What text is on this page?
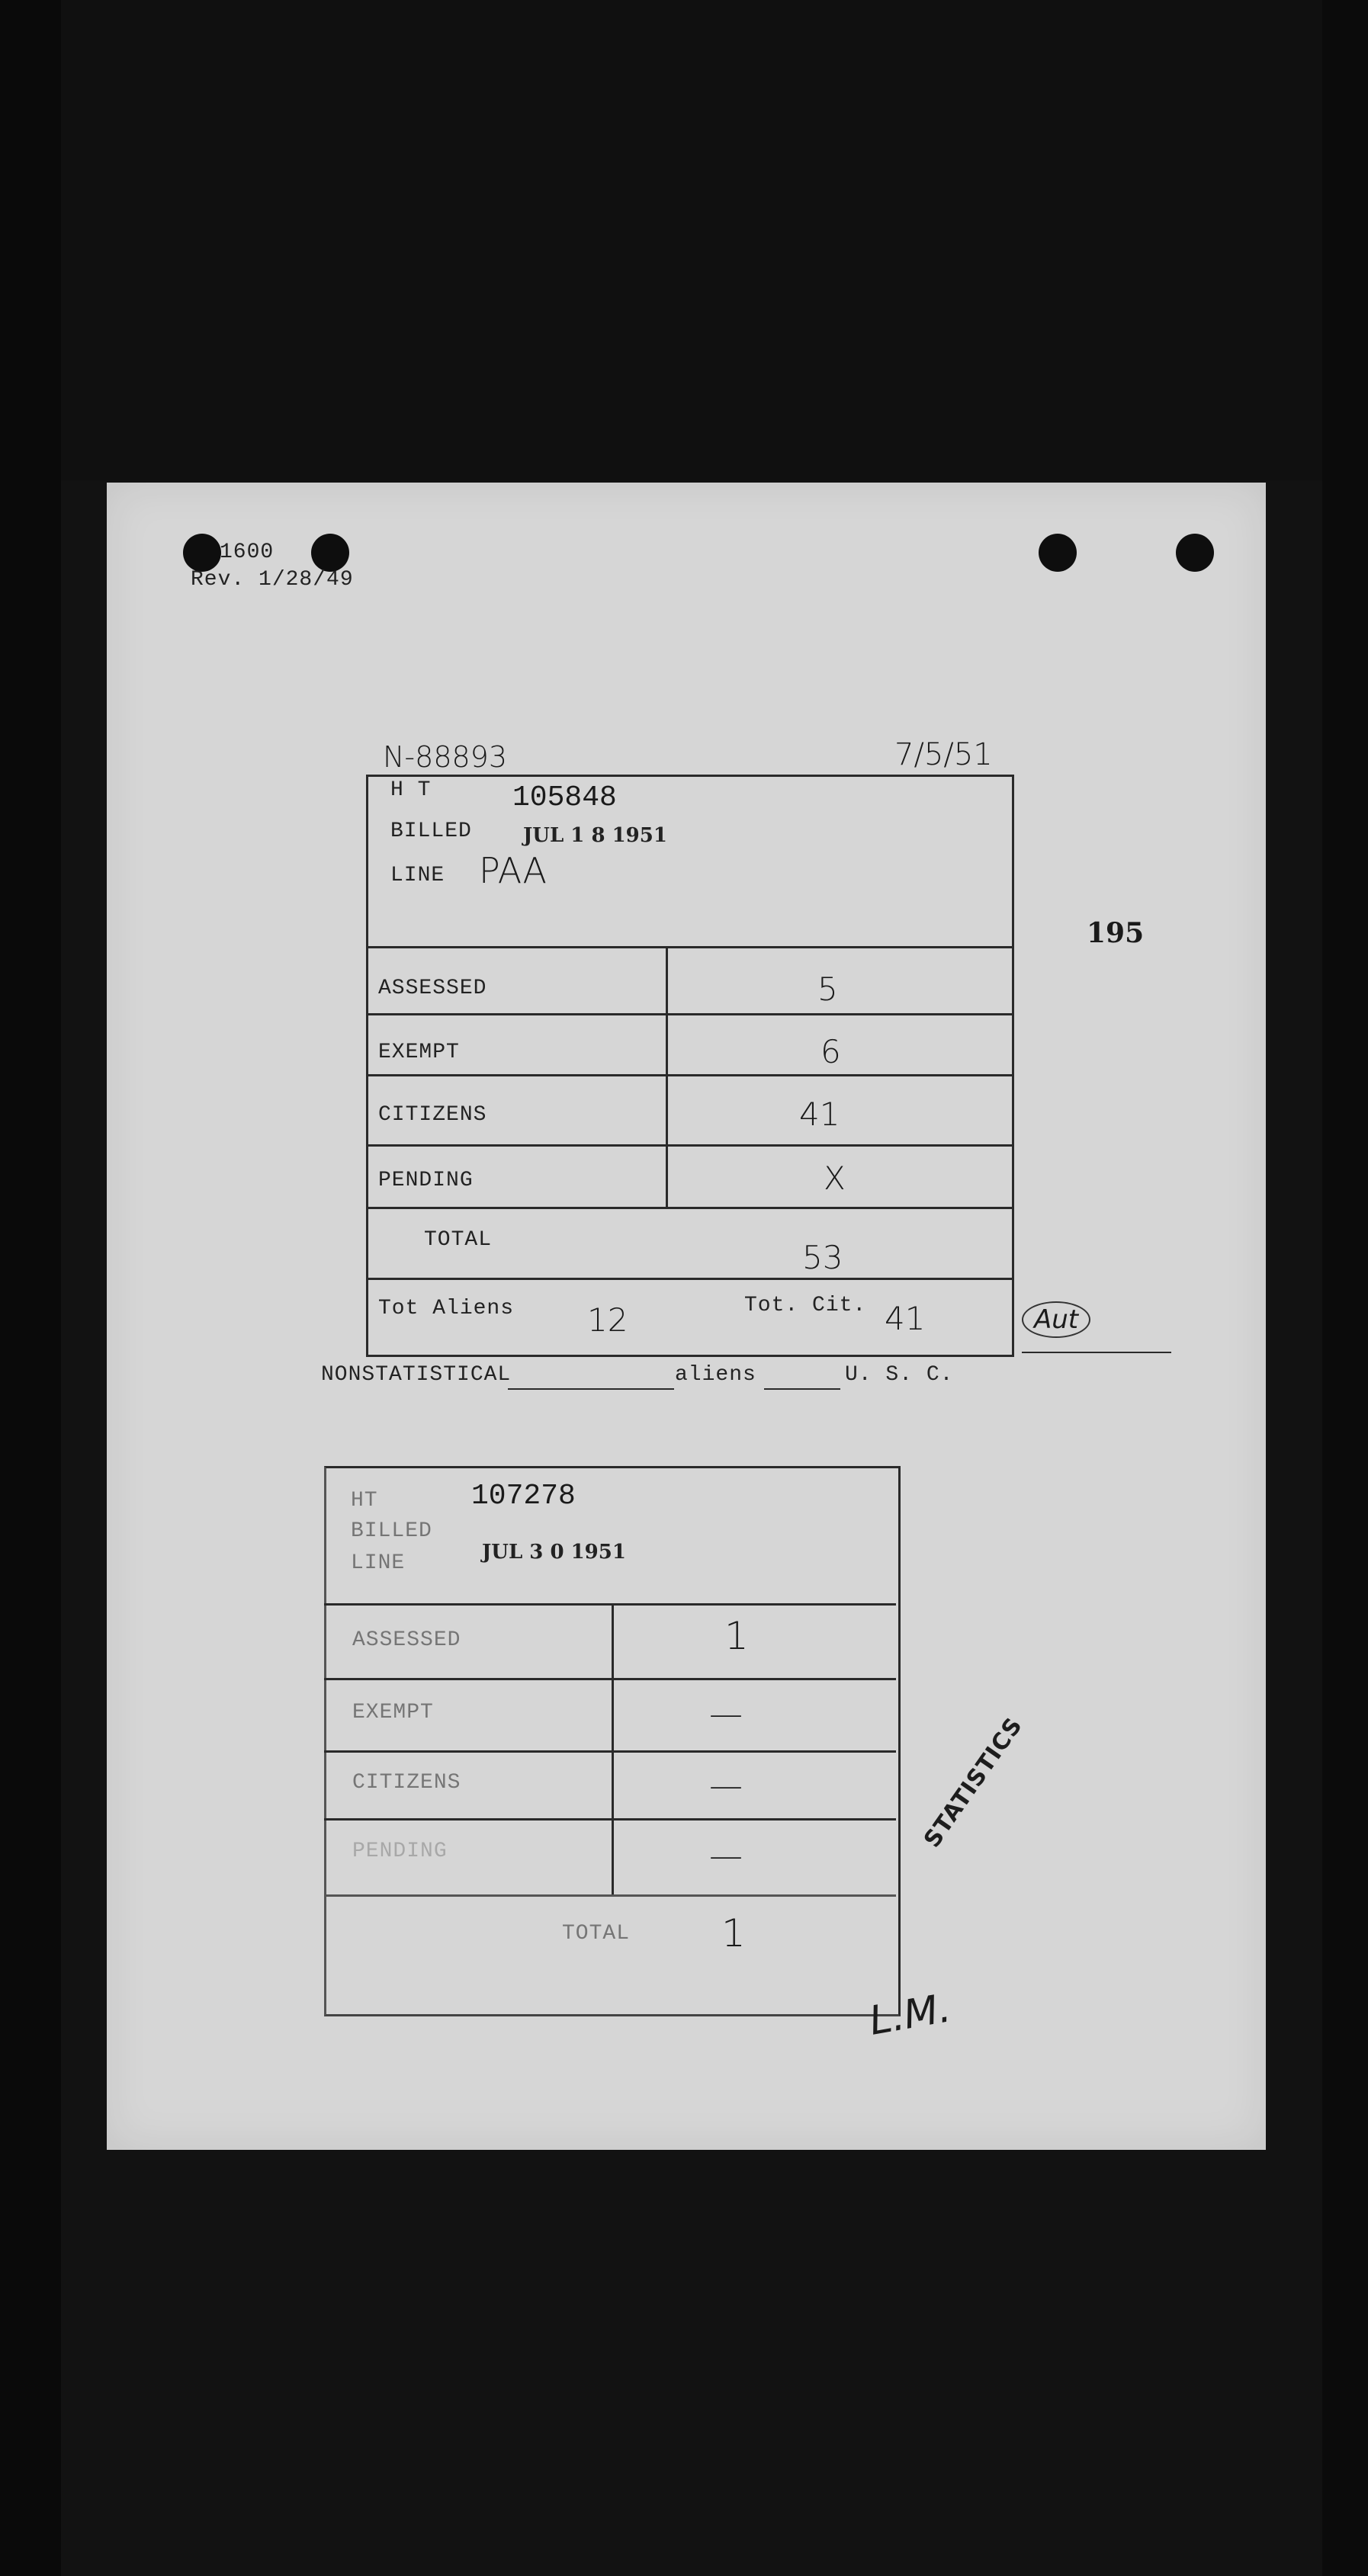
1600
Rev. 1/28/49
195
N-88893	7/5/51
H T	105848
BILLED	JUL 1 8 1951
LINE PAA
ASSESSED	5
EXEMPT	6
CITIZENS	41
PENDING	X
TOTAL	53
Tot Aliens 12	Tot. Cit. 41	Aut
NONSTATISTICAL	aliens	U. S. C.
HT	107278
BILLED
JUL 3 0 1951
LINE
ASSESSED	1
EXEMPT	—
CITIZENS	—
PENDING	—
TOTAL 1
L.M.
STATISTICS
